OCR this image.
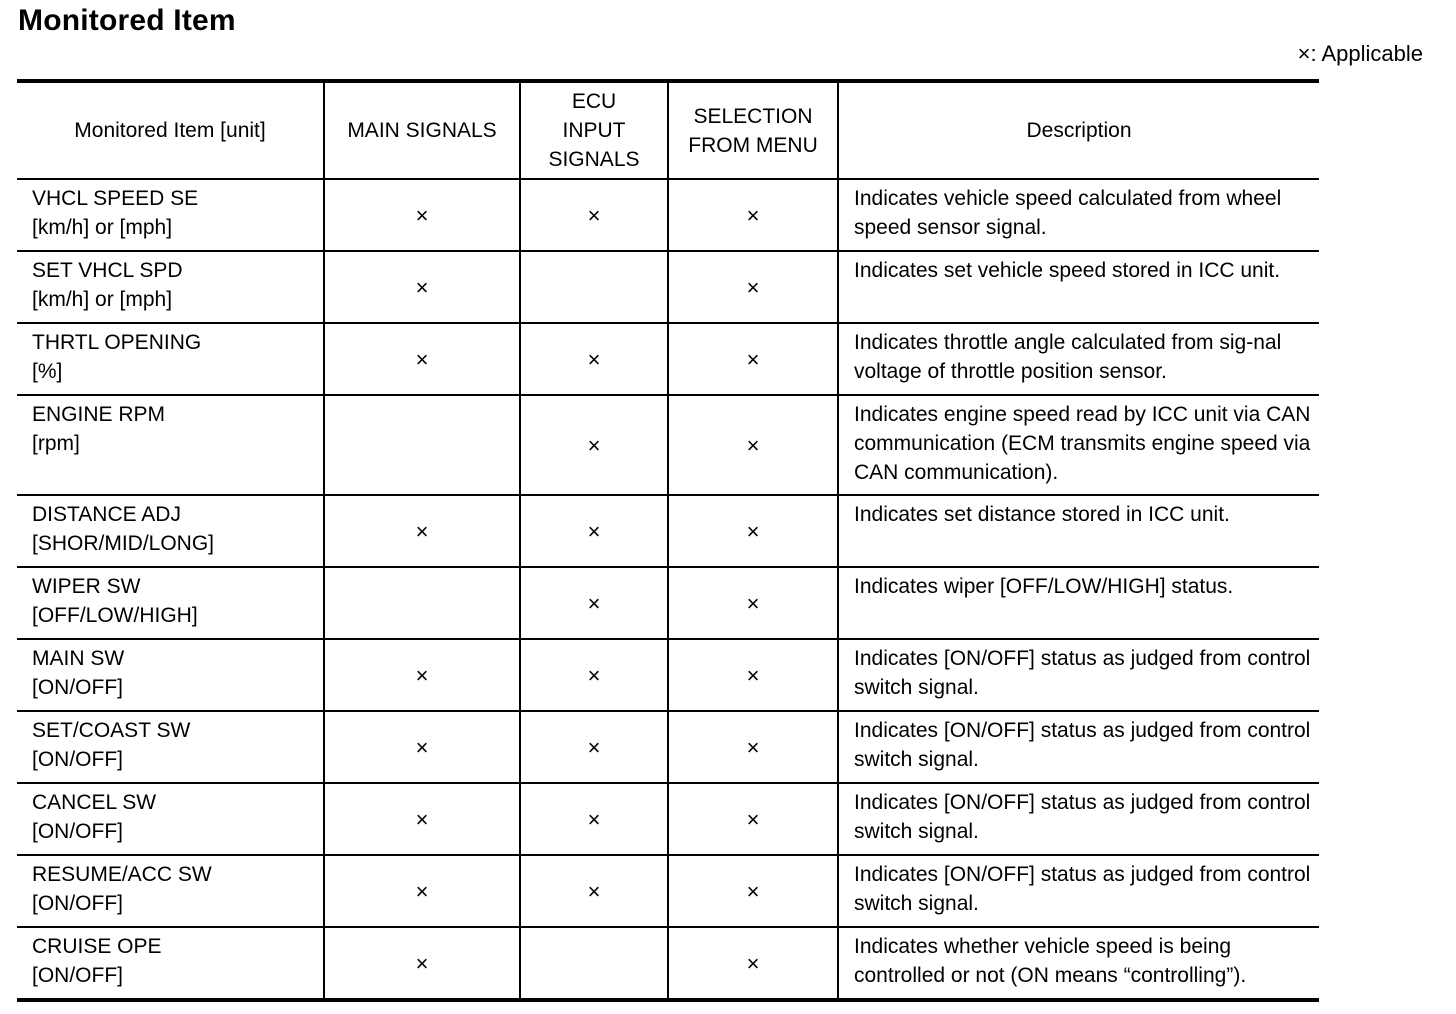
Monitored Item
×: Applicable
Monitored Item [unit]	MAIN SIGNALS	ECU
INPUT
SIGNALS	SELECTION
FROM MENU	Description

VHCL SPEED SE
[km/h] or [mph]	×	×	×	Indicates vehicle speed calculated from wheel speed sensor signal.

SET VHCL SPD
[km/h] or [mph]	×		×	Indicates set vehicle speed stored in ICC unit.

THRTL OPENING
[%]	×	×	×	Indicates throttle angle calculated from sig-nal voltage of throttle position sensor.

ENGINE RPM
[rpm]		×	×	Indicates engine speed read by ICC unit via CAN communication (ECM transmits engine speed via CAN communication).

DISTANCE ADJ
[SHOR/MID/LONG]	×	×	×	Indicates set distance stored in ICC unit.

WIPER SW
[OFF/LOW/HIGH]		×	×	Indicates wiper [OFF/LOW/HIGH] status.

MAIN SW
[ON/OFF]	×	×	×	Indicates [ON/OFF] status as judged from control switch signal.

SET/COAST SW
[ON/OFF]	×	×	×	Indicates [ON/OFF] status as judged from control switch signal.

CANCEL SW
[ON/OFF]	×	×	×	Indicates [ON/OFF] status as judged from control switch signal.

RESUME/ACC SW
[ON/OFF]	×	×	×	Indicates [ON/OFF] status as judged from control switch signal.

CRUISE OPE
[ON/OFF]	×		×	Indicates whether vehicle speed is being controlled or not (ON means “controlling”).
